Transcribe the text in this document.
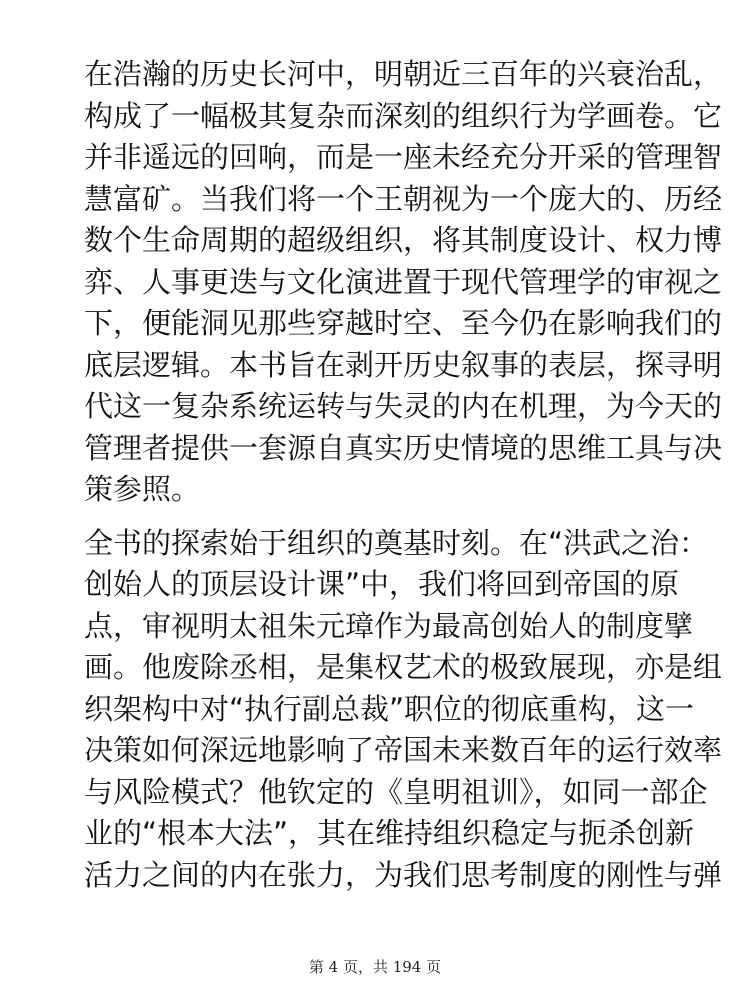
在浩瀚的历史长河中，明朝近三百年的兴衰治乱，
构成了一幅极其复杂而深刻的组织行为学画卷。它
并非遥远的回响，而是一座未经充分开采的管理智
慧富矿。当我们将一个王朝视为一个庞大的、历经
数个生命周期的超级组织，将其制度设计、权力博
弈、人事更迭与文化演进置于现代管理学的审视之
下，便能洞见那些穿越时空、至今仍在影响我们的
底层逻辑。本书旨在剥开历史叙事的表层，探寻明
代这一复杂系统运转与失灵的内在机理，为今天的
管理者提供一套源自真实历史情境的思维工具与决
策参照。

全书的探索始于组织的奠基时刻。在“洪武之治：
创始人的顶层设计课”中，我们将回到帝国的原
点，审视明太祖朱元璋作为最高创始人的制度擘
画。他废除丞相，是集权艺术的极致展现，亦是组
织架构中对“执行副总裁”职位的彻底重构，这一
决策如何深远地影响了帝国未来数百年的运行效率
与风险模式？他钦定的《皇明祖训》，如同一部企
业的“根本大法”，其在维持组织稳定与扼杀创新
活力之间的内在张力，为我们思考制度的刚性与弹

第 4 页，共 194 页
